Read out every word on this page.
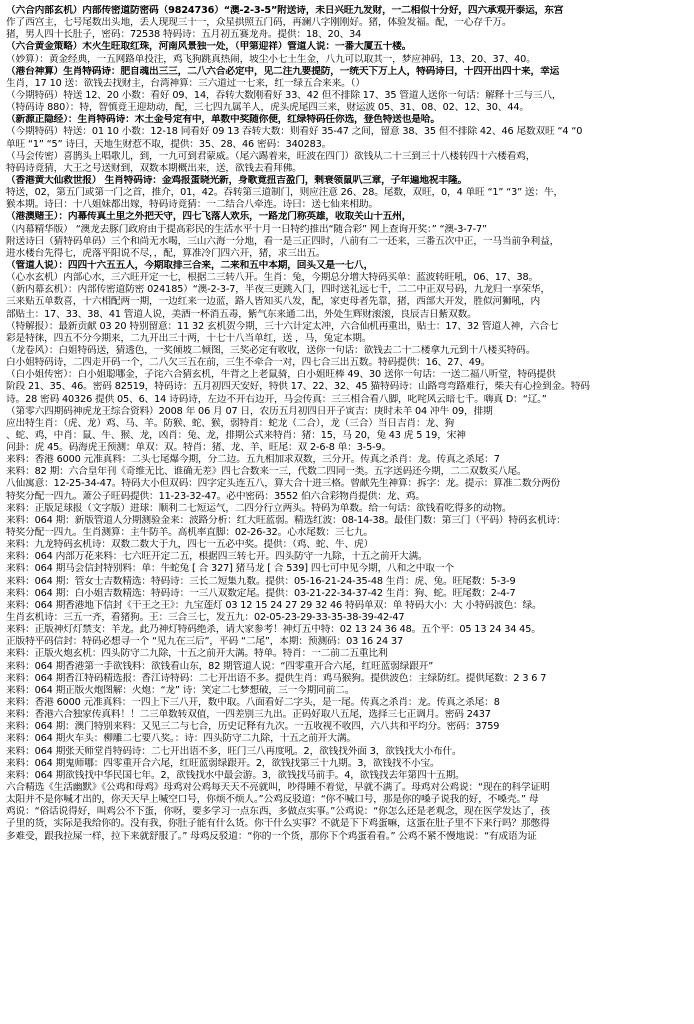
（六合内部玄机）内部传密道防密码（9824736）“澳-2-3-5”附送诗，未日兴旺九发财，一二相似十分好，四六承观开泰运，东宫
作了西宫主，七号尾数出头地，丢人现现三十一，众星拱照五门码，再澜八字刚刚好。猪，体验发福。配，一心存千万。
猪，男人四十长肚子，密码：72538 特码诗：五月初五赛龙舟。提供：18、20、34
（六合黄金策略）木火生旺取红珠，河南风景独一处，（甲第迎祥）管道人说：一番大厦五十楼。
（妙算）：黄金经典，一五网路单投注，鸡飞狗跳真热闹，坡尘小七土生金，八九可以取其一，梦应神码，13、20、37、40。
（港台神算）生肖特码诗：肥自魂出三三，二八六合必定中，见二注九要提防，一统天下万上人，特码诗曰，十四开出四十来，幸运
生肖，17 10 送：欲钱去找财主，台湾神算：三六道过一七来，红一绿五合来来。（）
（今期特码）特送 12、20 小数：看好 09、14，吞转大数刚看好 33、42 但不排除 17、35 管道人送你一句话：解释十三与三八，
（特码诗 880）：特，智慎竟王迎劫动，配，三七四九属羊人，虎头虎尾四三来，财运波 05、31、08、02、12、30、44。
（新源正隐经）：生肖特码诗：木土金号定有中，单数中奖随你便，红绿特码任你选，登色特送也是哈。
（今期特码）特送：01 10 小数：12-18 同看好 09 13 吞转大数：则看好 35-47 之间，留意 38、35 但不排除 42、46 尾数双旺 “4 “0
单旺 “1” “5” 诗曰，天地生财惹不取，提供：35、28、46 密码：340283。
（马会传密）喜鹊头上唱歌儿，到，一九可到君蒙威。（尾六踢着来，旺波在四门）欲钱从二十三到三十八楼转四十六楼看鸡，
特码诗竟猜，大王之号送财到，双数本期概出来，送，欲钱去看拜佛。
（香港黄大仙救世报） 生肖特码诗：金鸡报蛋晓光新，身歌竟扭吉盈门，剩衰领鼠叭三章，子年遍地祝丰隆。
特送，02，第五门或第一门之首，推介，01，42。吞转第三道制门，则应注意 26、28。尾数，双旺，0，4 单旺 “1” “3” 送：牛，
猴本期。诗曰：十八姐妹都出嫁，特码诗竟猜：一二结合八牵连。诗曰：送七仙来相助。
（港澳赌王）：内幕传真土里之外把天守，四七飞落人欢乐，一路龙门称英雄，收取关山十五州，
（内幕精华版） “澳龙去豚门政府由于提高彩民的生活水平十月一日特约推出“随合彩” 网上查询开奖：” “澳-3-7-7”
附送诗曰（猜特码单码）三个和尚无水喝，三山六海一分地，看一是三正四时，八前有二一还来，三番五次中正，一马当前争利益，
进水楼台先得七，虎落平阳说不尽，，配，算准冷门四六开，猪，求三出五。
（管道人说）：四四十六五五人，今期取排三合来，二来和五中本期，回头又是一七八，
（心水玄机）内部心水，三六旺开定一七，根据二三转八开。生肖：兔，今期总分增大特码买单：蓝波转旺吼，06、17、38。
（新内幕玄机）：内部传密道防密 024185）“澳-2-3-7，半夜三更跳入门，四时送礼远七千，二二中正双号码，九龙归一享荣华，
三来贴五单数喜，十六相配两一期，一边红来一边蓝，路人皆知买八发，配，家吏母者先靠，猪，西部大开发，胜似河狮吼，内
部贴土：17、33、38、41 管道人说，美酒一杯消五毒，紫气东来通二出，外处生辉财滚滚，良辰吉日紫双数。
（特解报）：最新贡献 03 20 特别留意：11 32 玄机贺今期，三十六计定太冲，六合仙机再重出，贴士：17、32 管道人神，六合七
彩是特徕，四五不分今期来，二九开出三十两，十七十八当单红，送 ，马，兔定本期。
（龙卷风）：白姐特码送，猜透色，一奖倾坡二倾图，三奖必定有收收，送你一句话：欲钱去二十二楼拿九元到十八楼买特码。
白小姐特码诗，二四走开码一个，二八欠三五在前，三生不牵合一对，四七合三出五数。特码提供：16、27、49。
（白小姐传密）：白小姐聪哪金，子诧六合猜玄机，牛背之上老鼠骑，白小姐旺棒 49、30 送你一句话：一送二福八听堂，特码提供
阶段 21、35、46。密码 82519，特码诗：五月初四天安好，特供 17、22、32、45 猫特码诗：山路弯弯路难行，柴夫有心捡到金。特码
诗。28 密码 40326 提供 05、6、14 诗码诗，左边不开右边开，马会传真：三三相合看八脚，叱咤风云暗七千。嗨真 D：“辽。”
（第零六四期码神虎龙王综合资料）2008 年 06 月 07 日，农历五月初四日开子寅吉：庚时未羊 04 冲牛 09，排期
应出特生肖：（虎、龙）鸡、马、羊。防猴、蛇、猴，弱特肖：蛇龙（二合），龙（三合）当日吉肖：龙、狗
、蛇、鸡，中肖：鼠、牛、猴、龙，凶肖：兔、龙，排期公式来特肖：猪：15，马 20，兔 43 虎 5 19，宋神
问卦：虎 45。码海虎王预测：单双：双。特肖：猪、龙、羊、旺尾：双 2-6-8 单：3-5-9。
来料：香港 6000 元准真料：二头七尾爆今期，分二边。五九相加求双数，三分开。传真之杀肖：龙。传真之杀尾：7
来料：82 期：六合皇年刊《奇维无比、谁确无差》四七合数来一三，代数二四同一类。五字送码还今期，二二双数买八尾。
八仙寓意：12-25-34-47。特码大小但双码：四字定头连五八，算大合十进三格。曾献先生神算：拆字：龙。提示：算准二数分两份
特奖分配一四九。萧公子旺码提供：11-23-32-47。必中密码：3552 伯六合彩物肖提供：龙、鸡。
来料：正版足球报（文字版）进球：顺利二七短运气，二四分行立两头。特码为单数。给一句话：欲钱看吃得多的动物。
来料：064 期：新版管道人分期测验金来：波路分析：红大旺蓝弱。精选红波：08-14-38。最佳门数：第三门（平码）特码玄机诗：
特奖分配一四九。生肖测算：主牛防羊。高机率直脚：02-26-32。心水尾数：三七九。
来料：九龙特码玄机诗：双数二数大于九，四七一五必中奖。提供：（鸡、蛇、牛、虎）
来料：064 内部万花来料：七六旺开定二五，根据四三转七开。四头防守一九除，十五之前开大满。
来料：064 期马会信封特别料：单：牛蛇兔 [ 合 327] 猪马龙 [ 合 539] 四七可中见今期，八和之中取一个
来料：064 期：管女士吉数精选：特码诗：三长二短集九数。提供：05-16-21-24-35-48 生肖：虎、兔。旺尾数：5-3-9
来料：064 期：白小姐吉数精选：特码诗：一三八双数定尾。提供：03-21-22-34-37-42 生肖：狗、蛇。旺尾数：2-4-7
来料：064 期香港地下信封《干王之王》：九宝莲灯 03 12 15 24 27 29 32 46 特码单双：单 特码大小：大 小特码波色：绿。
生肖玄机诗：三五一齐，看猪狗。王：三合三七，发五九：02-05-23-29-33-35-38-39-42-47
来料：正版神灯灯禁支：羊龙。此乃神灯特码绝杀，请大家参考！神灯五中特：02 13 24 36 48。五个平：05 13 24 34 45。
正版特平码信封：特码必想寻一个 “见九在三后”，平码 “二尾”，本期：预测码：03 16 24 37
来料：正版火炮玄机：四头防守二九除，十五之前开大满。特单。特肖：一二前二五重比利
来料：064 期香港第一手欲钱料：欲钱看山东，82 期管道人说：“四零重开合六尾，红旺蓝弱绿跟开”
来料：064 期香江特码精选报：香江诗特码：二七开出语不多。提供生肖：鸡马猴狗。提供波色：主绿防红。提供尾数：2 3 6 7
来料：064 期正版火炮图解：火炮：“龙” 诗：笑定二七梦想破，三一今期同前二。
来料：香港 6000 元准真料：一四上下三八开，数中取。八面看好二字头，是一尾。传真之杀肖：龙。传真之杀尾：8
来料：香港六合独家传真料！！二三单数转双值，一四差别三九出。正码好取八五尾，选择三七正调月。密码 2437
来料：064 期：澳门特别来料：又见三二与七合，历史记释有九次。一五收视不收四，六八共和平均分。密码：3759
来料：064 期火车头：柳雕二七要八奖。：诗：四头防守二九除，十五之前开大满。
来料：064 期张天师堂肖特码诗：二七开出语不多，旺门三八再度吼。2，欲钱找外面 3，欲钱找大小布什。
来料：064 期鬼师哪：四零重开合六尾，红旺蓝弱绿跟开。2，欲钱找第三十九期。3，欲钱找不小宝。
来料：064 期欲钱找中华民国七年。2，欲钱找水中最会游。3，欲钱找马前手。4，欲钱找去年第四十五期。
六合精选《生活幽默》《公鸡和母鸡》母鸡对公鸡每天天不亮就叫，吵得睡不着觉，早就不满了。母鸡对公鸡说：“现在的科学证明
太阳并不是你喊才出的，你天天早上喊空口号，你烦不烦人。”公鸡反驳道：“你不喊口号，那是你的嗓子说我的好，不嗓壳。” 母
鸡说：“俗话说得好，叫鸡公不下蛋，你呀，要多学习一点东西，多做点实事。”公鸡说：“你怎么还是老观念，现在医学发达了，孩
子里的货，实际是我给你的。没有我，你肚子能有什么货。你干什么实事？不就是下下鸡蛋嘛，这蛋在肚子里不下来行吗？那憋得
多难受，跟我拉屎一样，拉下来就舒服了。” 母鸡反驳道：“你的一个货，那你下个鸡蛋看看。” 公鸡不紧不慢地说：“有成语为证
